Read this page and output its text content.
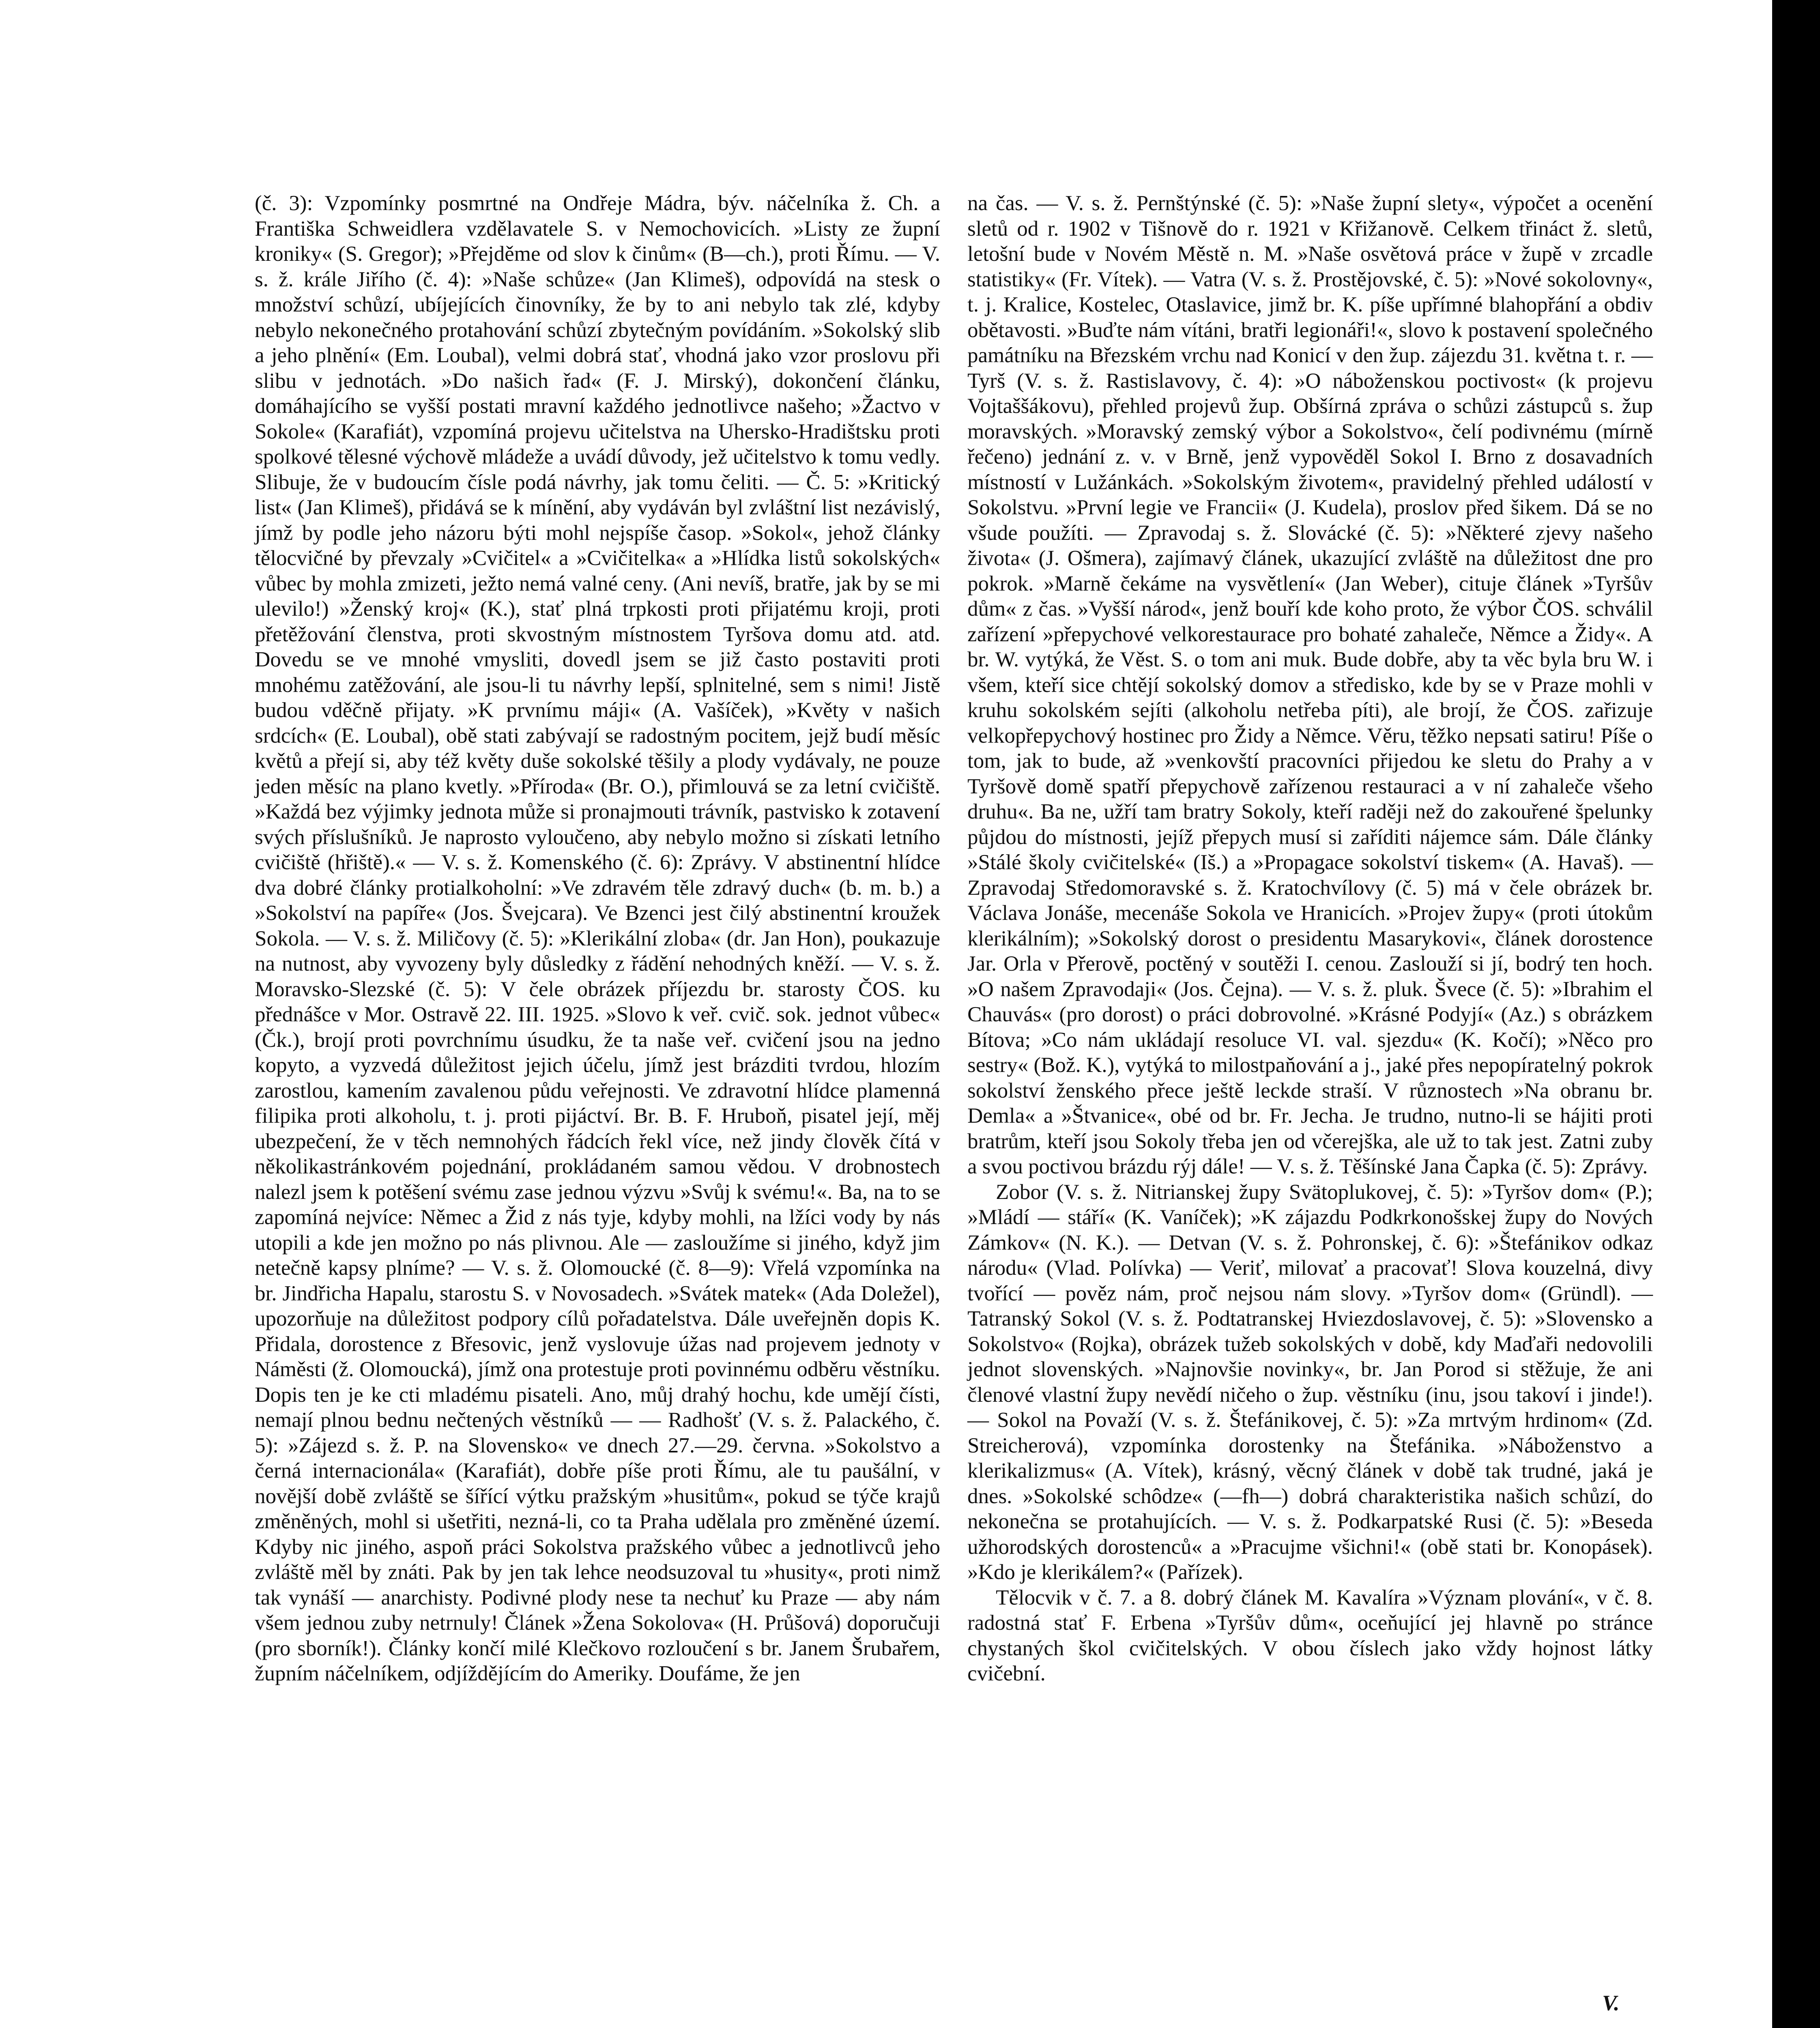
(č. 3): Vzpomínky posmrtné na Ondřeje Mádra, býv. náčelníka ž. Ch. a Františka Schweidlera vzdělavatele S. v Nemochovicích. »Listy ze župní kroniky« (S. Gregor); »Přejděme od slov k činům« (B—ch.), proti Římu. — V. s. ž. krále Jiřího (č. 4): »Naše schůze« (Jan Klimeš), odpovídá na stesk o množství schůzí, ubíjejících činovníky, že by to ani nebylo tak zlé, kdyby nebylo nekonečného protahování schůzí zbytečným povídáním. »Sokolský slib a jeho plnění« (Em. Loubal), velmi dobrá stať, vhodná jako vzor proslovu při slibu v jednotách. »Do našich řad« (F. J. Mirský), dokončení článku, domáhajícího se vyšší postati mravní každého jednotlivce našeho; »Žactvo v Sokole« (Karafiát), vzpomíná projevu učitelstva na Uhersko-Hradištsku proti spolkové tělesné výchově mládeže a uvádí důvody, jež učitelstvo k tomu vedly. Slibuje, že v budoucím čísle podá návrhy, jak tomu čeliti. — Č. 5: »Kritický list« (Jan Klimeš), přidává se k mínění, aby vydáván byl zvláštní list nezávislý, jímž by podle jeho názoru býti mohl nejspíše časop. »Sokol«, jehož články tělocvičné by převzaly »Cvičitel« a »Cvičitelka« a »Hlídka listů sokolských« vůbec by mohla zmizeti, ježto nemá valné ceny. (Ani nevíš, bratře, jak by se mi ulevilo!) »Ženský kroj« (K.), stať plná trpkosti proti přijatému kroji, proti přetěžování členstva, proti skvostným místnostem Tyršova domu atd. atd. Dovedu se ve mnohé vmysliti, dovedl jsem se již často postaviti proti mnohému zatěžování, ale jsou-li tu návrhy lepší, splnitelné, sem s nimi! Jistě budou vděčně přijaty. »K prvnímu máji« (A. Vašíček), »Květy v našich srdcích« (E. Loubal), obě stati zabývají se radostným pocitem, jejž budí měsíc květů a přejí si, aby též květy duše sokolské těšily a plody vydávaly, ne pouze jeden měsíc na plano kvetly. »Příroda« (Br. O.), přimlouvá se za letní cvičiště. »Každá bez výjimky jednota může si pronajmouti trávník, pastvisko k zotavení svých příslušníků. Je naprosto vyloučeno, aby nebylo možno si získati letního cvičiště (hřiště).« — V. s. ž. Komenského (č. 6): Zprávy. V abstinentní hlídce dva dobré články protialkoholní: »Ve zdravém těle zdravý duch« (b. m. b.) a »Sokolství na papíře« (Jos. Švejcara). Ve Bzenci jest čilý abstinentní kroužek Sokola. — V. s. ž. Miličovy (č. 5): »Klerikální zloba« (dr. Jan Hon), poukazuje na nutnost, aby vyvozeny byly důsledky z řádění nehodných kněží. — V. s. ž. Moravsko-Slezské (č. 5): V čele obrázek příjezdu br. starosty ČOS. ku přednášce v Mor. Ostravě 22. III. 1925. »Slovo k veř. cvič. sok. jednot vůbec« (Čk.), brojí proti povrchnímu úsudku, že ta naše veř. cvičení jsou na jedno kopyto, a vyzvedá důležitost jejich účelu, jímž jest brázditi tvrdou, hlozím zarostlou, kamením zavalenou půdu veřejnosti. Ve zdravotní hlídce plamenná filipika proti alkoholu, t. j. proti pijáctví. Br. B. F. Hruboň, pisatel její, měj ubezpečení, že v těch nemnohých řádcích řekl více, než jindy člověk čítá v několikastránkovém pojednání, prokládaném samou vědou. V drobnostech nalezl jsem k potěšení svému zase jednou výzvu »Svůj k svému!«. Ba, na to se zapomíná nejvíce: Němec a Žid z nás tyje, kdyby mohli, na lžíci vody by nás utopili a kde jen možno po nás plivnou. Ale — zasloužíme si jiného, když jim netečně kapsy plníme? — V. s. ž. Olomoucké (č. 8—9): Vřelá vzpomínka na br. Jindřicha Hapalu, starostu S. v Novosadech. »Svátek matek« (Ada Doležel), upozorňuje na důležitost podpory cílů pořadatelstva. Dále uveřejněn dopis K. Přidala, dorostence z Břesovic, jenž vyslovuje úžas nad projevem jednoty v Náměsti (ž. Olomoucká), jímž ona protestuje proti povinnému odběru věstníku. Dopis ten je ke cti mladému pisateli. Ano, můj drahý hochu, kde umějí čísti, nemají plnou bednu nečtených věstníků — — Radhošť (V. s. ž. Palackého, č. 5): »Zájezd s. ž. P. na Slovensko« ve dnech 27.—29. června. »Sokolstvo a černá internacionála« (Karafiát), dobře píše proti Římu, ale tu paušální, v novější době zvláště se šířící výtku pražským »husitům«, pokud se týče krajů změněných, mohl si ušetřiti, nezná-li, co ta Praha udělala pro změněné území. Kdyby nic jiného, aspoň práci Sokolstva pražského vůbec a jednotlivců jeho zvláště měl by znáti. Pak by jen tak lehce neodsuzoval tu »husity«, proti nimž tak vynáší — anarchisty. Podivné plody nese ta nechuť ku Praze — aby nám všem jednou zuby netrnuly! Článek »Žena Sokolova« (H. Průšová) doporučuji (pro sborník!). Články končí milé Klečkovo rozloučení s br. Janem Šrubařem, župním náčelníkem, odjíždějícím do Ameriky. Doufáme, že jen

na čas. — V. s. ž. Pernštýnské (č. 5): »Naše župní slety«, výpočet a ocenění sletů od r. 1902 v Tišnově do r. 1921 v Křižanově. Celkem třináct ž. sletů, letošní bude v Novém Městě n. M. »Naše osvětová práce v župě v zrcadle statistiky« (Fr. Vítek). — Vatra (V. s. ž. Prostějovské, č. 5): »Nové sokolovny«, t. j. Kralice, Kostelec, Otaslavice, jimž br. K. píše upřímné blahopřání a obdiv obětavosti. »Buďte nám vítáni, bratři legionáři!«, slovo k postavení společného památníku na Březském vrchu nad Konicí v den žup. zájezdu 31. května t. r. — Tyrš (V. s. ž. Rastislavovy, č. 4): »O náboženskou poctivost« (k projevu Vojtaššákovu), přehled projevů žup. Obšírná zpráva o schůzi zástupců s. žup moravských. »Moravský zemský výbor a Sokolstvo«, čelí podivnému (mírně řečeno) jednání z. v. v Brně, jenž vypověděl Sokol I. Brno z dosavadních místností v Lužánkách. »Sokolským životem«, pravidelný přehled událostí v Sokolstvu. »První legie ve Francii« (J. Kudela), proslov před šikem. Dá se no všude použíti. — Zpravodaj s. ž. Slovácké (č. 5): »Některé zjevy našeho života« (J. Ošmera), zajímavý článek, ukazující zvláště na důležitost dne pro pokrok. »Marně čekáme na vysvětlení« (Jan Weber), cituje článek »Tyršův dům« z čas. »Vyšší národ«, jenž bouří kde koho proto, že výbor ČOS. schválil zařízení »přepychové velkorestaurace pro bohaté zahaleče, Němce a Židy«. A br. W. vytýká, že Věst. S. o tom ani muk. Bude dobře, aby ta věc byla bru W. i všem, kteří sice chtějí sokolský domov a středisko, kde by se v Praze mohli v kruhu sokolském sejíti (alkoholu netřeba píti), ale brojí, že ČOS. zařizuje velkopřepychový hostinec pro Židy a Němce. Věru, těžko nepsati satiru! Píše o tom, jak to bude, až »venkovští pracovníci přijedou ke sletu do Prahy a v Tyršově domě spatří přepychově zařízenou restauraci a v ní zahaleče všeho druhu«. Ba ne, užří tam bratry Sokoly, kteří raději než do zakouřené špelunky půjdou do místnosti, jejíž přepych musí si zaříditi nájemce sám. Dále články »Stálé školy cvičitelské« (Iš.) a »Propagace sokolství tiskem« (A. Havaš). — Zpravodaj Středomoravské s. ž. Kratochvílovy (č. 5) má v čele obrázek br. Václava Jonáše, mecenáše Sokola ve Hranicích. »Projev župy« (proti útokům klerikálním); »Sokolský dorost o presidentu Masarykovi«, článek dorostence Jar. Orla v Přerově, poctěný v soutěži I. cenou. Zaslouží si jí, bodrý ten hoch. »O našem Zpravodaji« (Jos. Čejna). — V. s. ž. pluk. Švece (č. 5): »Ibrahim el Chauvás« (pro dorost) o práci dobrovolné. »Krásné Podyjí« (Az.) s obrázkem Bítova; »Co nám ukládají resoluce VI. val. sjezdu« (K. Kočí); »Něco pro sestry« (Bož. K.), vytýká to milostpaňování a j., jaké přes nepopíratelný pokrok sokolství ženského přece ještě leckde straší. V různostech »Na obranu br. Demla« a »Štvanice«, obé od br. Fr. Jecha. Je trudno, nutno-li se hájiti proti bratrům, kteří jsou Sokoly třeba jen od včerejška, ale už to tak jest. Zatni zuby a svou poctivou brázdu rýj dále! — V. s. ž. Těšínské Jana Čapka (č. 5): Zprávy.

Zobor (V. s. ž. Nitrianskej župy Svätoplukovej, č. 5): »Tyršov dom« (P.); »Mládí — stáří« (K. Vaníček); »K zájazdu Podkrkonošskej župy do Nových Zámkov« (N. K.). — Detvan (V. s. ž. Pohronskej, č. 6): »Štefánikov odkaz národu« (Vlad. Polívka) — Veriť, milovať a pracovať! Slova kouzelná, divy tvořící — pověz nám, proč nejsou nám slovy. »Tyršov dom« (Gründl). — Tatranský Sokol (V. s. ž. Podtatranskej Hviezdoslavovej, č. 5): »Slovensko a Sokolstvo« (Rojka), obrázek tužeb sokolských v době, kdy Maďaři nedovolili jednot slovenských. »Najnovšie novinky«, br. Jan Porod si stěžuje, že ani členové vlastní župy nevědí ničeho o žup. věstníku (inu, jsou takoví i jinde!). — Sokol na Považí (V. s. ž. Štefánikovej, č. 5): »Za mrtvým hrdinom« (Zd. Streicherová), vzpomínka dorostenky na Štefánika. »Náboženstvo a klerikalizmus« (A. Vítek), krásný, věcný článek v době tak trudné, jaká je dnes. »Sokolské schôdze« (—fh—) dobrá charakteristika našich schůzí, do nekonečna se protahujících. — V. s. ž. Podkarpatské Rusi (č. 5): »Beseda užhorodských dorostenců« a »Pracujme všichni!« (obě stati br. Konopásek). »Kdo je klerikálem?« (Pařízek).

Tělocvik v č. 7. a 8. dobrý článek M. Kavalíra »Význam plování«, v č. 8. radostná stať F. Erbena »Tyršův dům«, oceňující jej hlavně po stránce chystaných škol cvičitelských. V obou číslech jako vždy hojnost látky cvičební.

V.
